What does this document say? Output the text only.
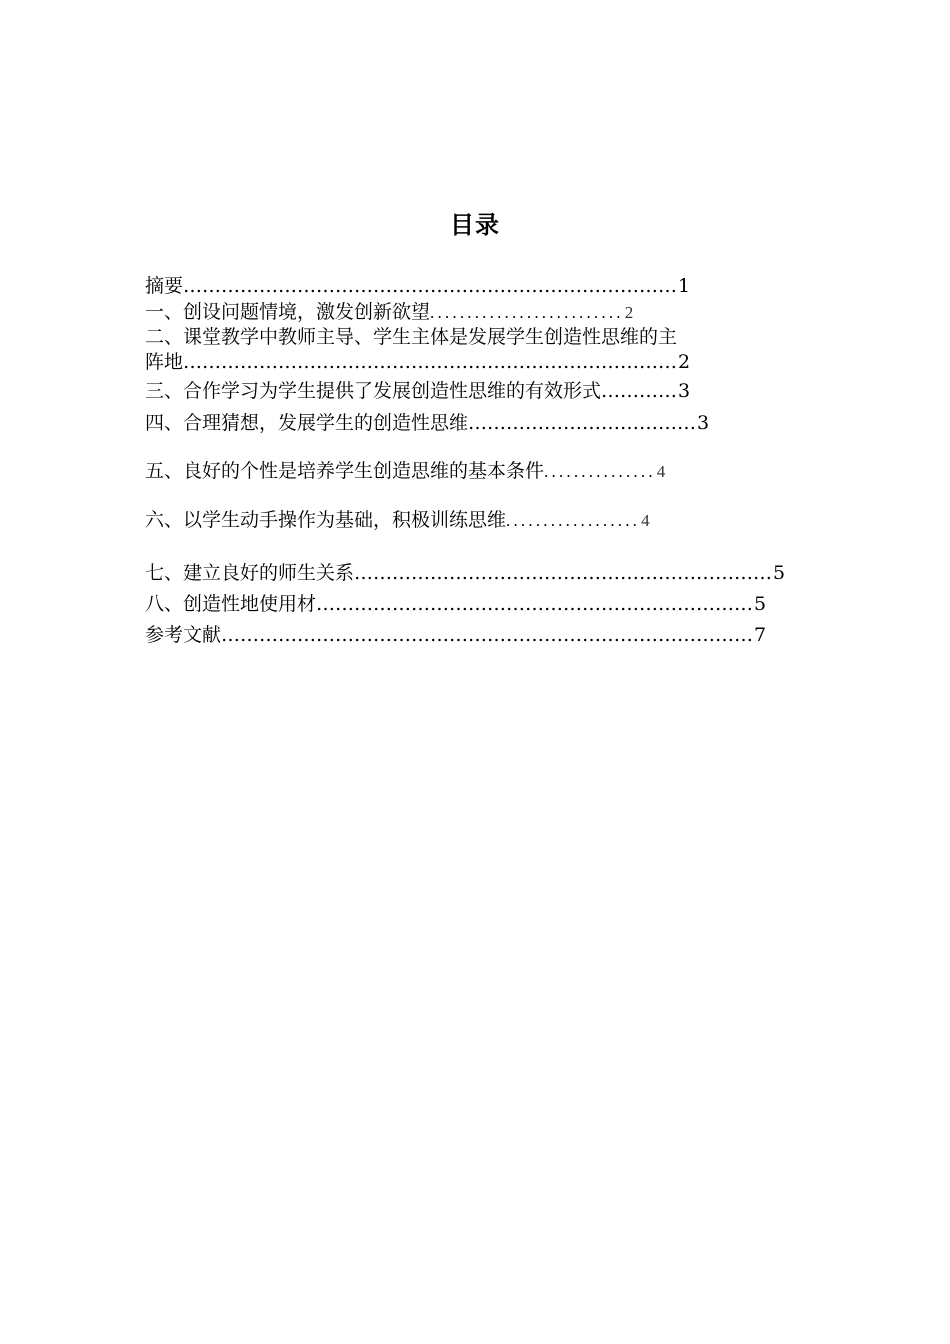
目录
摘要……………………………………………………………………1
一、创设问题情境，激发创新欲望..........................2
二、课堂教学中教师主导、学生主体是发展学生创造性思维的主
阵地……………………………………………………………………2
三、合作学习为学生提供了发展创造性思维的有效形式…………3
四、合理猜想，发展学生的创造性思维………………………………3
五、良好的个性是培养学生创造思维的基本条件...............4
六、以学生动手操作为基础，积极训练思维..................4
七、建立良好的师生关系…………………………………………………………5
八、创造性地使用材……………………………………………………………5
参考文献…………………………………………………………………………7
